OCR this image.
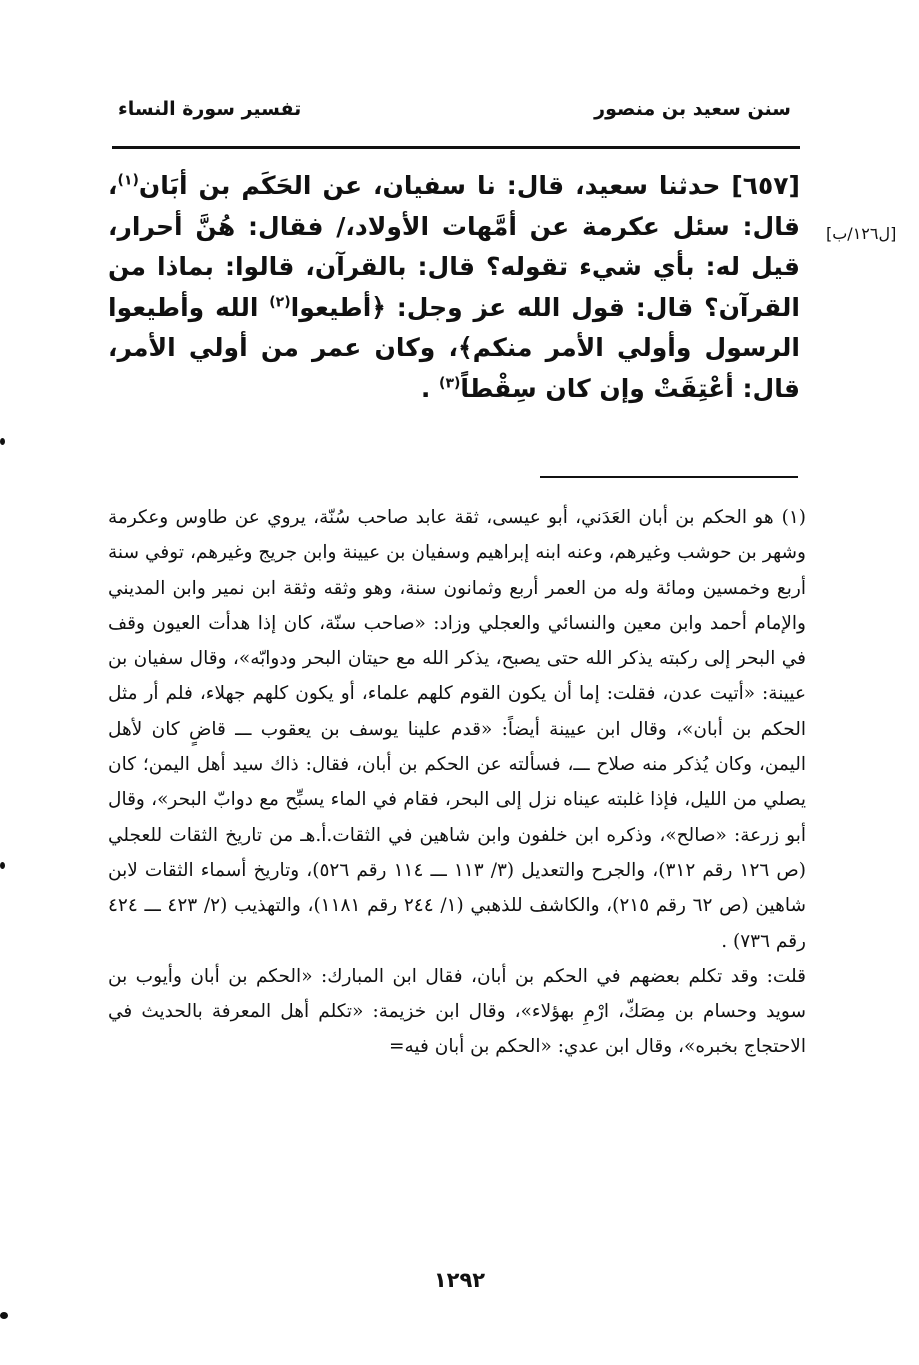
سنن سعيد بن منصور
تفسير سورة النساء
[ل١٢٦/ب]

[٦٥٧] حدثنا سعيد، قال: نا سفيان، عن الحَكَم بن أبَان$^{(١)}$، قال: سئل عكرمة عن أمَّهات الأولاد،/ فقال: هُنَّ أحرار، قيل له: بأي شيء تقوله؟ قال: بالقرآن، قالوا: بماذا من القرآن؟ قال: قول الله عز وجل: ﴿أطيعوا$^{(٢)}$ الله وأطيعوا الرسول وأولي الأمر منكم﴾، وكان عمر من أولي الأمر، قال: أعْتِقَتْ وإن كان سِقْطاً$^{(٣)}$ .

(١)هو الحكم بن أبان العَدَني، أبو عيسى، ثقة عابد صاحب سُنّة، يروي عن طاوس وعكرمة وشهر بن حوشب وغيرهم، وعنه ابنه إبراهيم وسفيان بن عيينة وابن جريج وغيرهم، توفي سنة أربع وخمسين ومائة وله من العمر أربع وثمانون سنة، وهو وثقه وثقة ابن نمير وابن المديني والإمام أحمد وابن معين والنسائي والعجلي وزاد: «صاحب سنّة، كان إذا هدأت العيون وقف في البحر إلى ركبته يذكر الله حتى يصبح، يذكر الله مع حيتان البحر ودوابّه»، وقال سفيان بن عيينة: «أتيت عدن، فقلت: إما أن يكون القوم كلهم علماء، أو يكون كلهم جهلاء، فلم أر مثل الحكم بن أبان»، وقال ابن عيينة أيضاً: «قدم علينا يوسف بن يعقوب ـــ قاضٍ كان لأهل اليمن، وكان يُذكر منه صلاح ـــ، فسألته عن الحكم بن أبان، فقال: ذاك سيد أهل اليمن؛ كان يصلي من الليل، فإذا غلبته عيناه نزل إلى البحر، فقام في الماء يسبِّح مع دوابّ البحر»، وقال أبو زرعة: «صالح»، وذكره ابن خلفون وابن شاهين في الثقات.أ.هـ من تاريخ الثقات للعجلي (ص ١٢٦ رقم ٣١٢)، والجرح والتعديل (٣/ ١١٣ ـــ ١١٤ رقم ٥٢٦)، وتاريخ أسماء الثقات لابن شاهين (ص ٦٢ رقم ٢١٥)، والكاشف للذهبي (١/ ٢٤٤ رقم ١١٨١)، والتهذيب (٢/ ٤٢٣ ـــ ٤٢٤ رقم ٧٣٦) .

قلت: وقد تكلم بعضهم في الحكم بن أبان، فقال ابن المبارك: «الحكم بن أبان وأيوب بن سويد وحسام بن مِصَكّ، ارْمِ بهؤلاء»، وقال ابن خزيمة: «تكلم أهل المعرفة بالحديث في الاحتجاج بخبره»، وقال ابن عدي: «الحكم بن أبان فيه=

١٢٩٢
